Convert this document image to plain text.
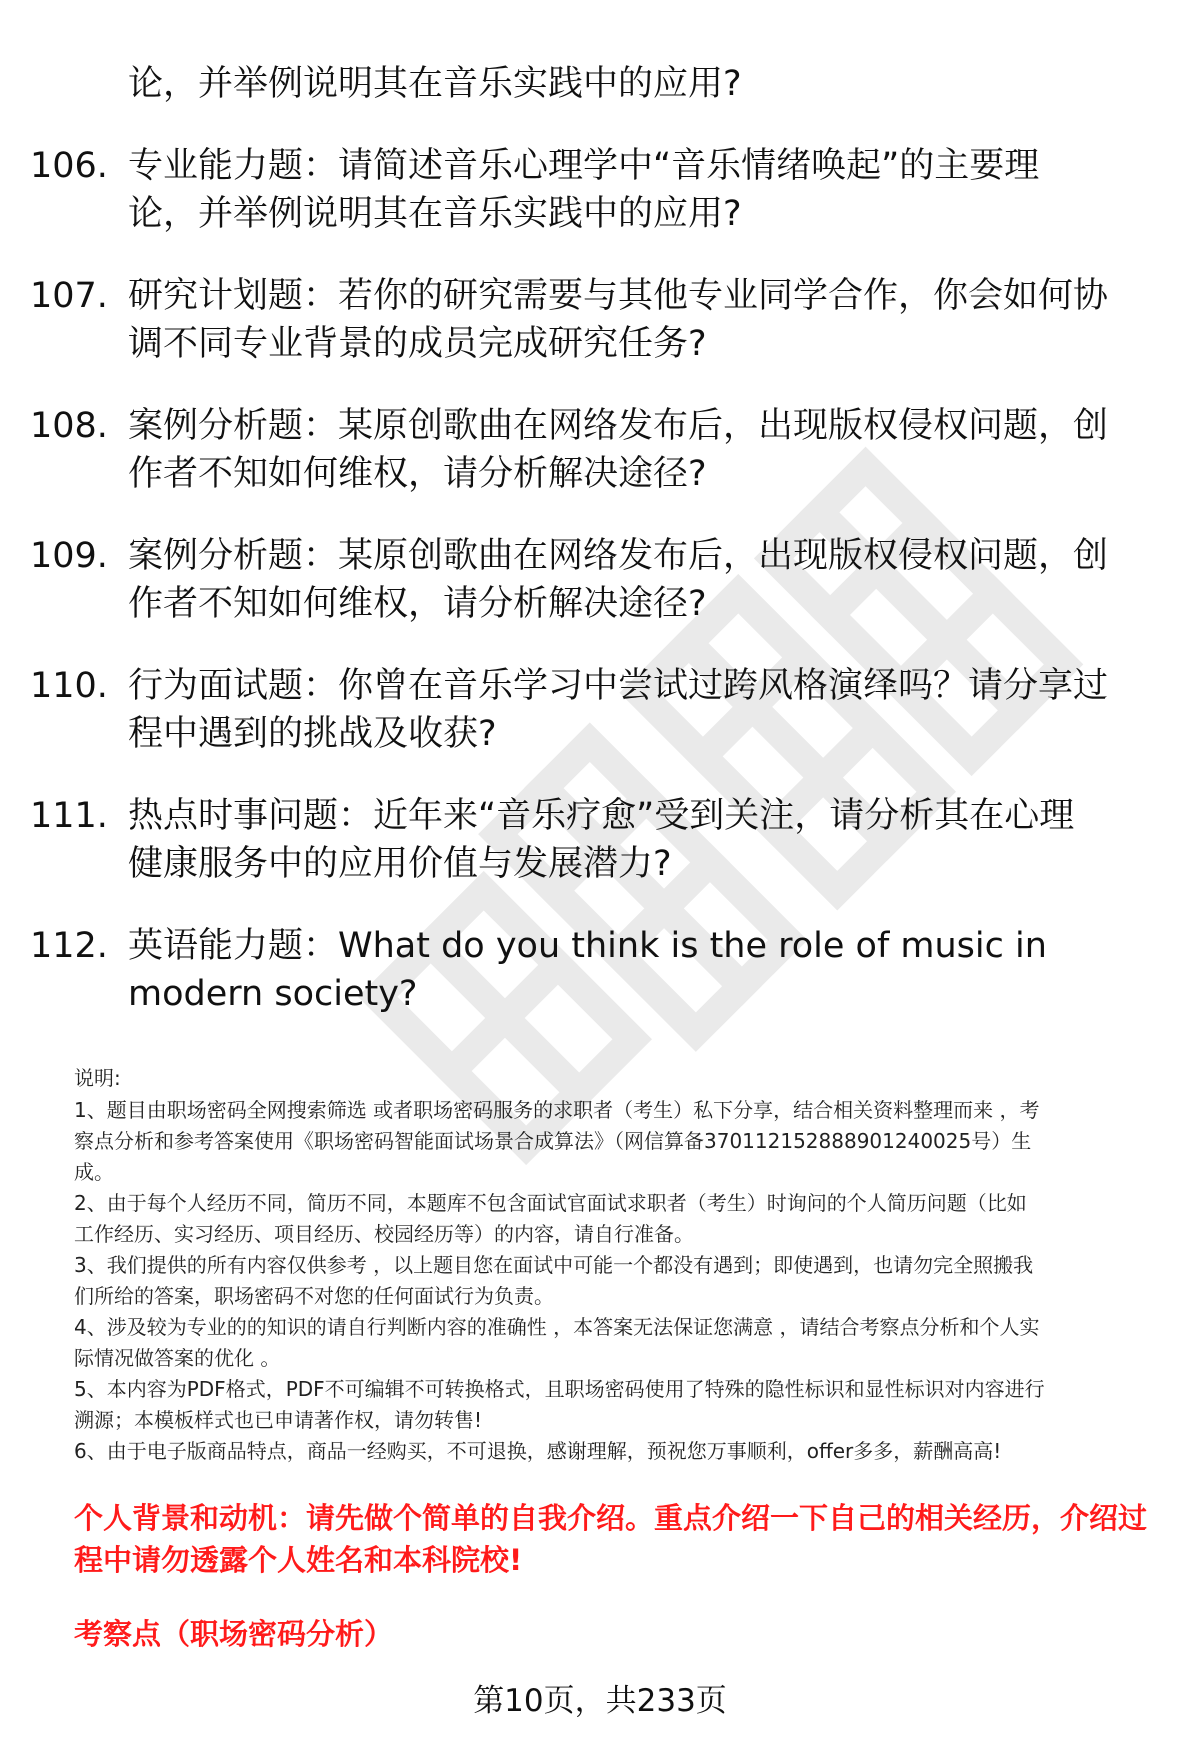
论，并举例说明其在音乐实践中的应用?
106. 专业能力题：请简述音乐心理学中“音乐情绪唤起”的主要理
论，并举例说明其在音乐实践中的应用?
107. 研究计划题：若你的研究需要与其他专业同学合作，你会如何协
调不同专业背景的成员完成研究任务?
108. 案例分析题：某原创歌曲在网络发布后，出现版权侵权问题，创
作者不知如何维权，请分析解决途径?
109. 案例分析题：某原创歌曲在网络发布后，出现版权侵权问题，创
作者不知如何维权，请分析解决途径?
110. 行为面试题：你曾在音乐学习中尝试过跨风格演绎吗？请分享过
程中遇到的挑战及收获?
111. 热点时事问题：近年来“音乐疗愈”受到关注，请分析其在心理
健康服务中的应用价值与发展潜力?
112. 英语能力题：What do you think is the role of music in
modern society?
说明:
1、题目由职场密码全网搜索筛选 或者职场密码服务的求职者（考生）私下分享，结合相关资料整理而来 ，考
察点分析和参考答案使用《职场密码智能面试场景合成算法》（网信算备370112152888901240025号）生
成。
2、由于每个人经历不同，简历不同，本题库不包含面试官面试求职者（考生）时询问的个人简历问题（比如
工作经历、实习经历、项目经历、校园经历等）的内容，请自行准备。
3、我们提供的所有内容仅供参考 ，以上题目您在面试中可能一个都没有遇到；即使遇到，也请勿完全照搬我
们所给的答案，职场密码不对您的任何面试行为负责。
4、涉及较为专业的的知识的请自行判断内容的准确性 ，本答案无法保证您满意 ，请结合考察点分析和个人实
际情况做答案的优化 。
5、本内容为PDF格式，PDF不可编辑不可转换格式，且职场密码使用了特殊的隐性标识和显性标识对内容进行
溯源；本模板样式也已申请著作权，请勿转售!
6、由于电子版商品特点，商品一经购买，不可退换，感谢理解，预祝您万事顺利，offer多多，薪酬高高!
个人背景和动机：请先做个简单的自我介绍。重点介绍一下自己的相关经历，介绍过程中请勿透露个人姓名和本科院校!
考察点（职场密码分析）
第10页，共233页
